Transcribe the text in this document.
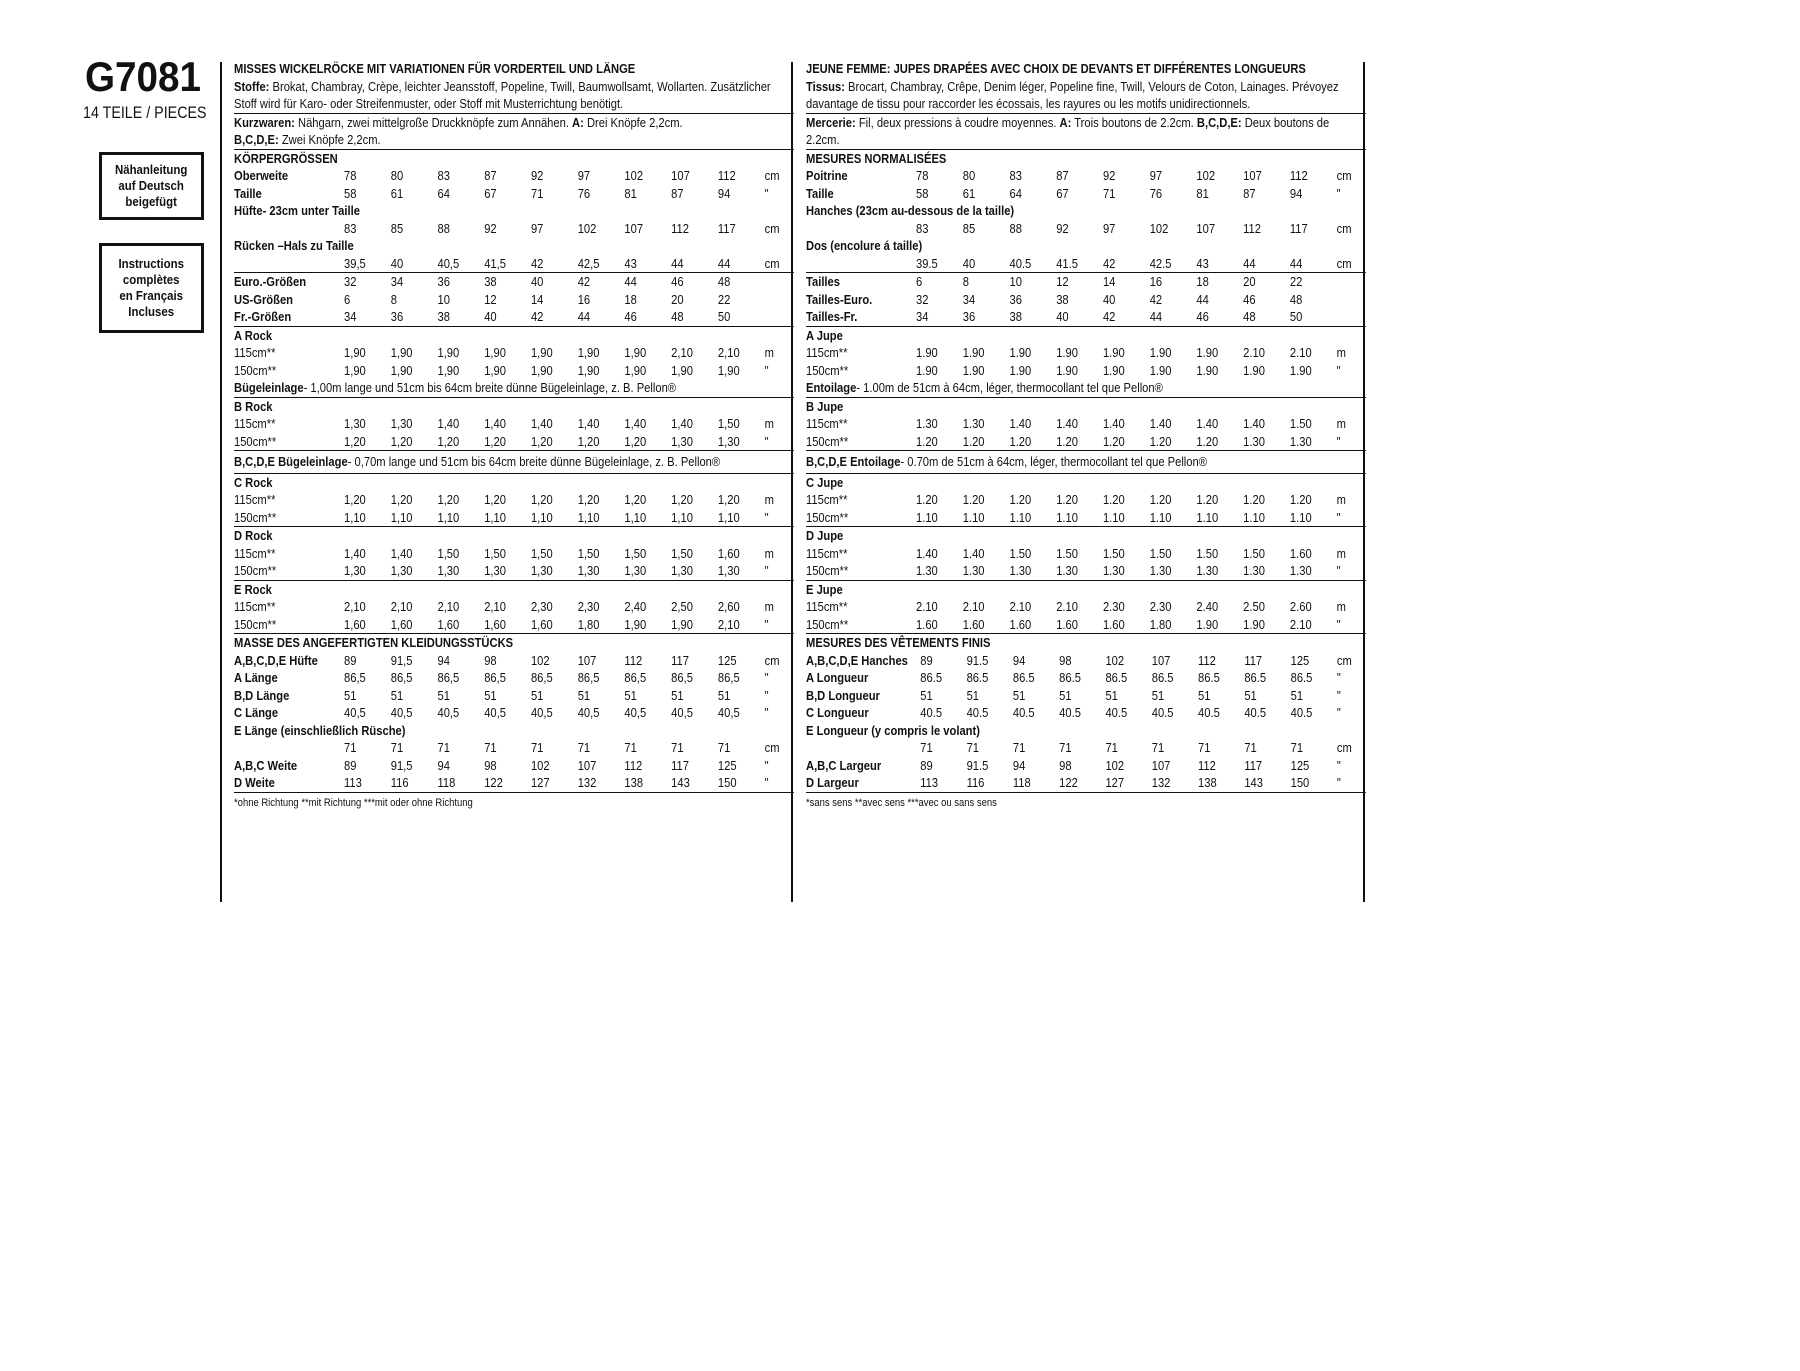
G7081
14 TEILE / PIECES
Nähanleitung
auf Deutsch
beigefügt
Instructions
complètes
en Français
Incluses
MISSES WICKELRÖCKE MIT VARIATIONEN FÜR VORDERTEIL UND LÄNGE

Stoffe: Brokat, Chambray, Crèpe, leichter Jeansstoff, Popeline, Twill, Baumwollsamt, Wollarten. Zusätzlicher Stoff wird für Karo- oder Streifenmuster, oder Stoff mit Musterrichtung benötigt.

Kurzwaren: Nähgarn, zwei mittelgroße Druckknöpfe zum Annähen. A: Drei Knöpfe 2,2cm.
B,C,D,E: Zwei Knöpfe 2,2cm.

KÖRPERGRÖSSEN
Oberweite	78	80	83	87	92	97	102	107	112	cm
Taille	58	61	64	67	71	76	81	87	94	"
Hüfte- 23cm unter Taille										
	83	85	88	92	97	102	107	112	117	cm
Rücken –Hals zu Taille										
	39,5	40	40,5	41,5	42	42,5	43	44	44	cm
Euro.-Größen	32	34	36	38	40	42	44	46	48	
US-Größen	6	8	10	12	14	16	18	20	22	
Fr.-Größen	34	36	38	40	42	44	46	48	50	
A Rock
115cm**	1,90	1,90	1,90	1,90	1,90	1,90	1,90	2,10	2,10	m
150cm**	1,90	1,90	1,90	1,90	1,90	1,90	1,90	1,90	1,90	"
Bügeleinlage- 1,00m lange und 51cm bis 64cm breite dünne Bügeleinlage, z. B. Pellon®
B Rock
115cm**	1,30	1,30	1,40	1,40	1,40	1,40	1,40	1,40	1,50	m
150cm**	1,20	1,20	1,20	1,20	1,20	1,20	1,20	1,30	1,30	"
B,C,D,E Bügeleinlage- 0,70m lange und 51cm bis 64cm breite dünne Bügeleinlage, z. B. Pellon®
C Rock
115cm**	1,20	1,20	1,20	1,20	1,20	1,20	1,20	1,20	1,20	m
150cm**	1,10	1,10	1,10	1,10	1,10	1,10	1,10	1,10	1,10	"
D Rock
115cm**	1,40	1,40	1,50	1,50	1,50	1,50	1,50	1,50	1,60	m
150cm**	1,30	1,30	1,30	1,30	1,30	1,30	1,30	1,30	1,30	"
E Rock
115cm**	2,10	2,10	2,10	2,10	2,30	2,30	2,40	2,50	2,60	m
150cm**	1,60	1,60	1,60	1,60	1,60	1,80	1,90	1,90	2,10	"
MASSE DES ANGEFERTIGTEN KLEIDUNGSSTÜCKS
A,B,C,D,E Hüfte	89	91,5	94	98	102	107	112	117	125	cm
A Länge	86,5	86,5	86,5	86,5	86,5	86,5	86,5	86,5	86,5	"
B,D Länge	51	51	51	51	51	51	51	51	51	"
C Länge	40,5	40,5	40,5	40,5	40,5	40,5	40,5	40,5	40,5	"
E Länge (einschließlich Rüsche)										
	71	71	71	71	71	71	71	71	71	cm
A,B,C Weite	89	91,5	94	98	102	107	112	117	125	"
D Weite	113	116	118	122	127	132	138	143	150	"
*ohne Richtung **mit Richtung ***mit oder ohne Richtung
JEUNE FEMME: JUPES DRAPÉES AVEC CHOIX DE DEVANTS ET DIFFÉRENTES LONGUEURS

Tissus: Brocart, Chambray, Crêpe, Denim léger, Popeline fine, Twill, Velours de Coton, Lainages. Prévoyez davantage de tissu pour raccorder les écossais, les rayures ou les motifs unidirectionnels.

Mercerie: Fil, deux pressions à coudre moyennes. A: Trois boutons de 2.2cm. B,C,D,E: Deux boutons de 2.2cm.

MESURES NORMALISÉES
Poitrine	78	80	83	87	92	97	102	107	112	cm
Taille	58	61	64	67	71	76	81	87	94	"
Hanches (23cm au-dessous de la taille)										
	83	85	88	92	97	102	107	112	117	cm
Dos (encolure á taille)										
	39.5	40	40.5	41.5	42	42.5	43	44	44	cm
Tailles	6	8	10	12	14	16	18	20	22	
Tailles-Euro.	32	34	36	38	40	42	44	46	48	
Tailles-Fr.	34	36	38	40	42	44	46	48	50	
A Jupe
115cm**	1.90	1.90	1.90	1.90	1.90	1.90	1.90	2.10	2.10	m
150cm**	1.90	1.90	1.90	1.90	1.90	1.90	1.90	1.90	1.90	"
Entoilage- 1.00m de 51cm à 64cm, léger, thermocollant tel que Pellon®
B Jupe
115cm**	1.30	1.30	1.40	1.40	1.40	1.40	1.40	1.40	1.50	m
150cm**	1.20	1.20	1.20	1.20	1.20	1.20	1.20	1.30	1.30	"
B,C,D,E Entoilage- 0.70m de 51cm à 64cm, léger, thermocollant tel que Pellon®
C Jupe
115cm**	1.20	1.20	1.20	1.20	1.20	1.20	1.20	1.20	1.20	m
150cm**	1.10	1.10	1.10	1.10	1.10	1.10	1.10	1.10	1.10	"
D Jupe
115cm**	1.40	1.40	1.50	1.50	1.50	1.50	1.50	1.50	1.60	m
150cm**	1.30	1.30	1.30	1.30	1.30	1.30	1.30	1.30	1.30	"
E Jupe
115cm**	2.10	2.10	2.10	2.10	2.30	2.30	2.40	2.50	2.60	m
150cm**	1.60	1.60	1.60	1.60	1.60	1.80	1.90	1.90	2.10	"
MESURES DES VÊTEMENTS FINIS
A,B,C,D,E Hanches	89	91.5	94	98	102	107	112	117	125	cm
A Longueur	86.5	86.5	86.5	86.5	86.5	86.5	86.5	86.5	86.5	"
B,D Longueur	51	51	51	51	51	51	51	51	51	"
C Longueur	40.5	40.5	40.5	40.5	40.5	40.5	40.5	40.5	40.5	"
E Longueur (y compris le volant)										
	71	71	71	71	71	71	71	71	71	cm
A,B,C Largeur	89	91.5	94	98	102	107	112	117	125	"
D Largeur	113	116	118	122	127	132	138	143	150	"
*sans sens **avec sens ***avec ou sans sens
